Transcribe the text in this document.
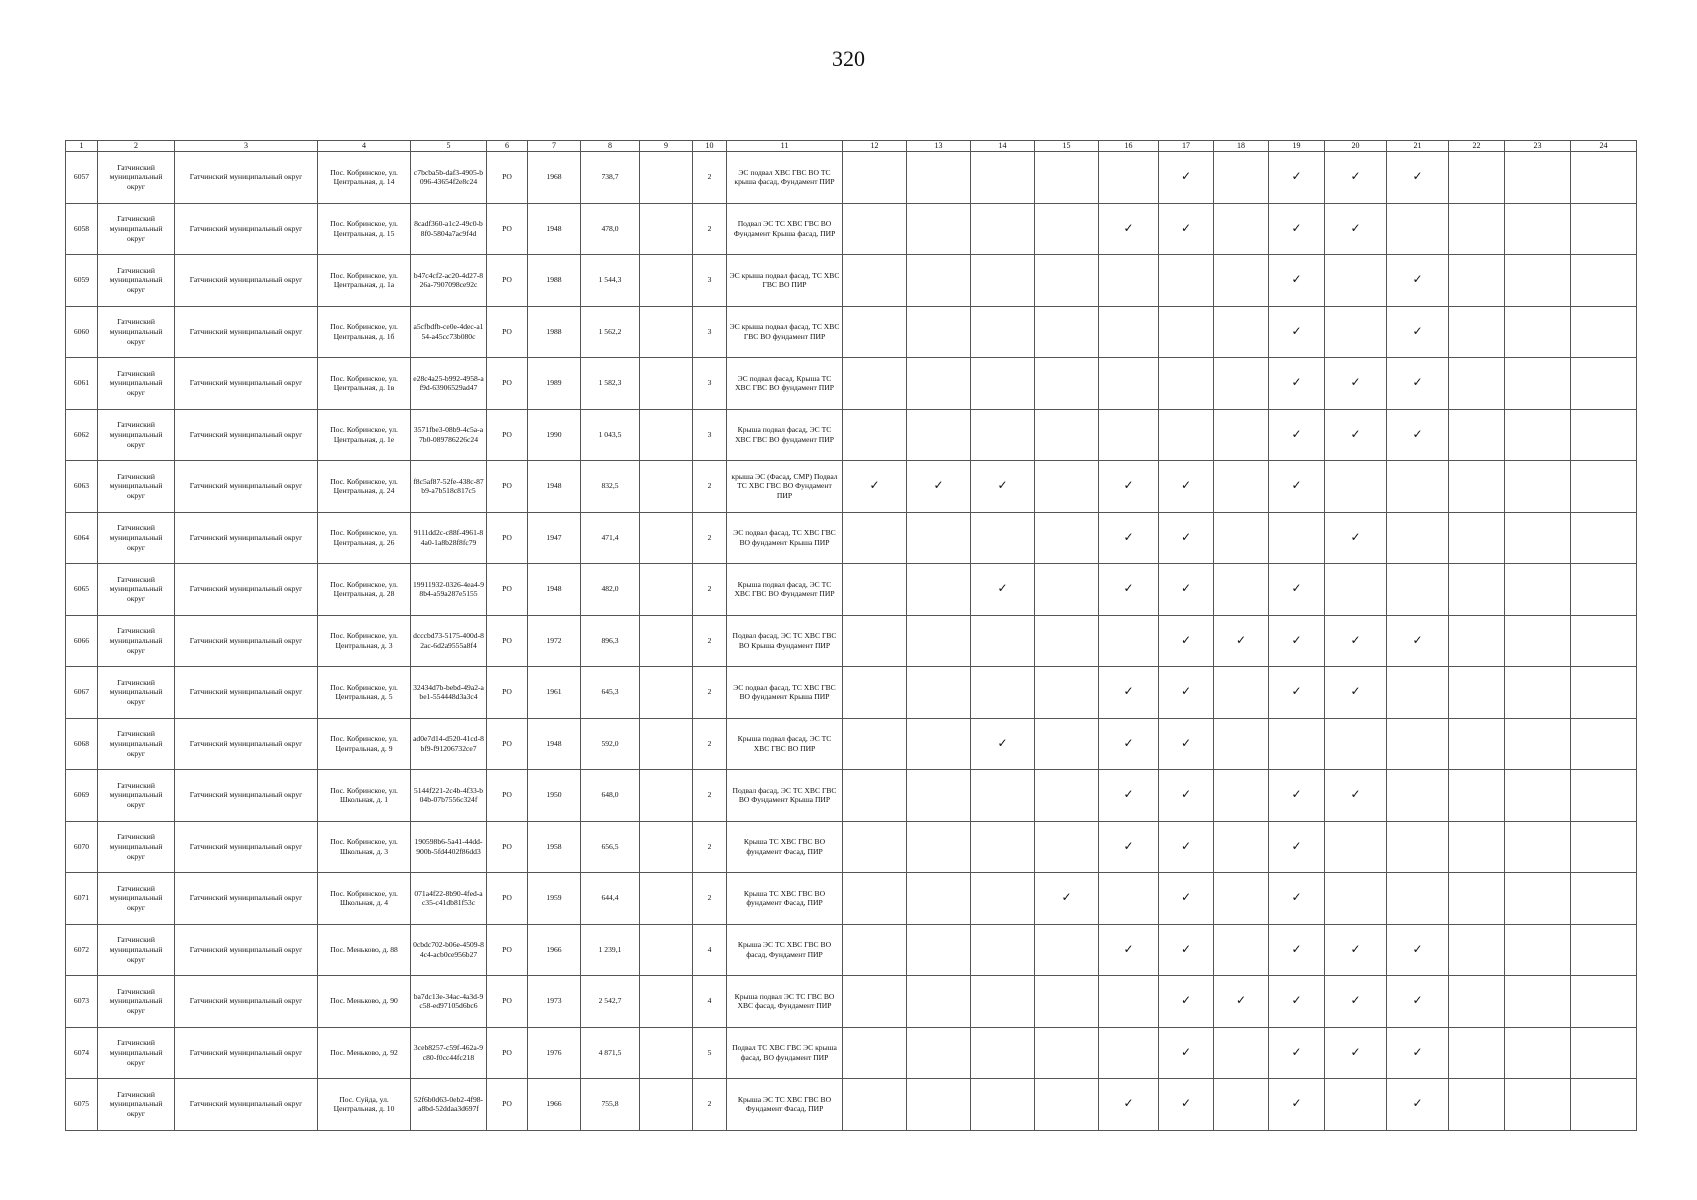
320
1	2	3	4	5	6	7	8	9	10	11	12	13	14	15	16	17	18	19	20	21	22	23	24
6057	Гатчинский муниципальный округ	Гатчинский муниципальный округ	Пос. Кобринское, ул. Центральная, д. 14	c7bcba5b-daf3-4905-b096-43654f2e8c24	РО	1968	738,7		2	ЭС подвал ХВС ГВС ВО ТС крыша фасад, Фундамент ПИР						✓		✓	✓	✓			
6058	Гатчинский муниципальный округ	Гатчинский муниципальный округ	Пос. Кобринское, ул. Центральная, д. 15	8cadf360-a1c2-49c0-b8f0-5804a7ac9f4d	РО	1948	478,0		2	Подвал ЭС ТС ХВС ГВС ВО Фундамент Крыша фасад, ПИР					✓	✓		✓	✓				
6059	Гатчинский муниципальный округ	Гатчинский муниципальный округ	Пос. Кобринское, ул. Центральная, д. 1а	b47c4cf2-ac20-4d27-826a-7907098ce92c	РО	1988	1 544,3		3	ЭС крыша подвал фасад, ТС ХВС ГВС ВО ПИР								✓		✓			
6060	Гатчинский муниципальный округ	Гатчинский муниципальный округ	Пос. Кобринское, ул. Центральная, д. 1б	a5cfbdfb-ce0e-4dec-a154-a45cc73b080c	РО	1988	1 562,2		3	ЭС крыша подвал фасад, ТС ХВС ГВС ВО фундамент ПИР								✓		✓			
6061	Гатчинский муниципальный округ	Гатчинский муниципальный округ	Пос. Кобринское, ул. Центральная, д. 1в	e28c4a25-b992-4958-af9d-63906529ad47	РО	1989	1 582,3		3	ЭС подвал фасад, Крыша ТС ХВС ГВС ВО фундамент ПИР								✓	✓	✓			
6062	Гатчинский муниципальный округ	Гатчинский муниципальный округ	Пос. Кобринское, ул. Центральная, д. 1е	3571fbe3-08b9-4c5a-a7b0-089786226c24	РО	1990	1 043,5		3	Крыша подвал фасад, ЭС ТС ХВС ГВС ВО фундамент ПИР								✓	✓	✓			
6063	Гатчинский муниципальный округ	Гатчинский муниципальный округ	Пос. Кобринское, ул. Центральная, д. 24	f8c5af87-52fe-438c-87b9-a7b518c817c5	РО	1948	832,5		2	крыша ЭС (Фасад, СМР) Подвал ТС ХВС ГВС ВО Фундамент ПИР	✓	✓	✓		✓	✓		✓					
6064	Гатчинский муниципальный округ	Гатчинский муниципальный округ	Пос. Кобринское, ул. Центральная, д. 26	9111dd2c-c88f-4961-84a0-1a8b28f8fc79	РО	1947	471,4		2	ЭС подвал фасад, ТС ХВС ГВС ВО фундамент Крыша ПИР					✓	✓			✓				
6065	Гатчинский муниципальный округ	Гатчинский муниципальный округ	Пос. Кобринское, ул. Центральная, д. 28	19911932-0326-4ea4-98b4-a59a287e5155	РО	1948	482,0		2	Крыша подвал фасад, ЭС ТС ХВС ГВС ВО Фундамент ПИР			✓		✓	✓		✓					
6066	Гатчинский муниципальный округ	Гатчинский муниципальный округ	Пос. Кобринское, ул. Центральная, д. 3	dcccbd73-5175-400d-82ac-6d2a9555a8f4	РО	1972	896,3		2	Подвал фасад, ЭС ТС ХВС ГВС ВО Крыша Фундамент ПИР						✓	✓	✓	✓	✓			
6067	Гатчинский муниципальный округ	Гатчинский муниципальный округ	Пос. Кобринское, ул. Центральная, д. 5	32434d7b-bebd-49a2-abe1-554448d3a3c4	РО	1961	645,3		2	ЭС подвал фасад, ТС ХВС ГВС ВО фундамент Крыша ПИР					✓	✓		✓	✓				
6068	Гатчинский муниципальный округ	Гатчинский муниципальный округ	Пос. Кобринское, ул. Центральная, д. 9	ad0e7d14-d520-41cd-8bf9-f91206732ce7	РО	1948	592,0		2	Крыша подвал фасад, ЭС ТС ХВС ГВС ВО ПИР			✓		✓	✓							
6069	Гатчинский муниципальный округ	Гатчинский муниципальный округ	Пос. Кобринское, ул. Школьная, д. 1	5144f221-2c4b-4f33-b04b-07b7556c324f	РО	1950	648,0		2	Подвал фасад, ЭС ТС ХВС ГВС ВО Фундамент Крыша ПИР					✓	✓		✓	✓				
6070	Гатчинский муниципальный округ	Гатчинский муниципальный округ	Пос. Кобринское, ул. Школьная, д. 3	190598b6-5a41-44dd-900b-5fd4402f86dd3	РО	1958	656,5		2	Крыша ТС ХВС ГВС ВО фундамент Фасад, ПИР					✓	✓		✓					
6071	Гатчинский муниципальный округ	Гатчинский муниципальный округ	Пос. Кобринское, ул. Школьная, д. 4	071a4f22-8b90-4fed-ac35-c41db81f53c	РО	1959	644,4		2	Крыша ТС ХВС ГВС ВО фундамент Фасад, ПИР				✓		✓		✓					
6072	Гатчинский муниципальный округ	Гатчинский муниципальный округ	Пос. Меньково, д. 88	0cbdc702-b06e-4509-84c4-acb0ce956b27	РО	1966	1 239,1		4	Крыша ЭС ТС ХВС ГВС ВО фасад, Фундамент ПИР					✓	✓		✓	✓	✓			
6073	Гатчинский муниципальный округ	Гатчинский муниципальный округ	Пос. Меньково, д. 90	ba7dc13e-34ac-4a3d-9c58-ed97105d6bc6	РО	1973	2 542,7		4	Крыша подвал ЭС ТС ГВС ВО ХВС фасад, Фундамент ПИР						✓	✓	✓	✓	✓			
6074	Гатчинский муниципальный округ	Гатчинский муниципальный округ	Пос. Меньково, д. 92	3ceb8257-c59f-462a-9c80-f0cc44fc218	РО	1976	4 871,5		5	Подвал ТС ХВС ГВС ЭС крыша фасад, ВО фундамент ПИР						✓		✓	✓	✓			
6075	Гатчинский муниципальный округ	Гатчинский муниципальный округ	Пос. Суйда, ул. Центральная, д. 10	52f6b0d63-0eb2-4f98-a8bd-52ddaa3d697f	РО	1966	755,8		2	Крыша ЭС ТС ХВС ГВС ВО Фундамент Фасад, ПИР					✓	✓		✓		✓			
